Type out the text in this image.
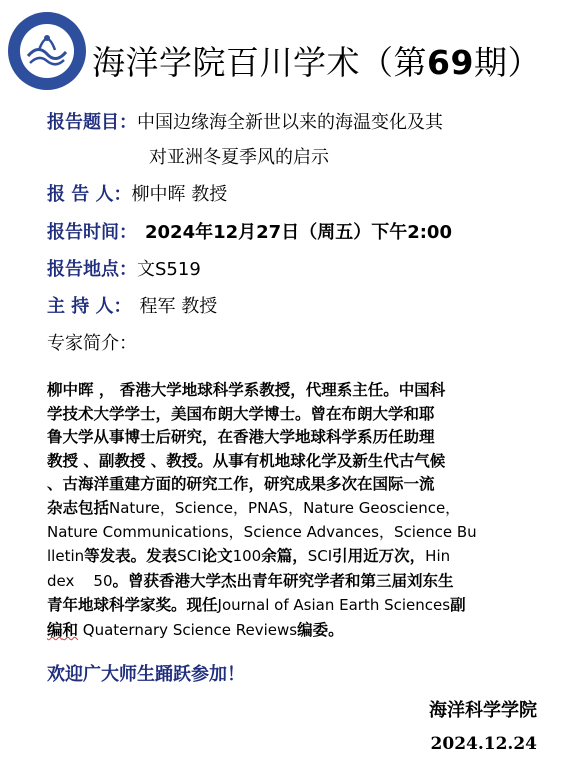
海洋学院百川学术（第69期）
报告题目：中国边缘海全新世以来的海温变化及其
对亚洲冬夏季风的启示
报 告 人：柳中晖 教授
报告时间： 2024年12月27日（周五）下午2:00
报告地点：文S519
主 持 人： 程军 教授
专家简介：
柳中晖 ， 香港大学地球科学系教授，代理系主任。中国科
学技术大学学士，美国布朗大学博士。曾在布朗大学和耶
鲁大学从事博士后研究，在香港大学地球科学系历任助理
教授 、副教授 、教授。从事有机地球化学及新生代古气候
、古海洋重建方面的研究工作，研究成果多次在国际一流
杂志包括Nature，Science，PNAS，Nature Geoscience，
Nature Communications，Science Advances，Science Bu
lletin等发表。发表SCI论文100余篇，SCI引用近万次，Hin
dex    50。曾获香港大学杰出青年研究学者和第三届刘东生
青年地球科学家奖。现任Journal of Asian Earth Sciences副
编和 Quaternary Science Reviews编委。
欢迎广大师生踊跃参加！
海洋科学学院
2024.12.24
